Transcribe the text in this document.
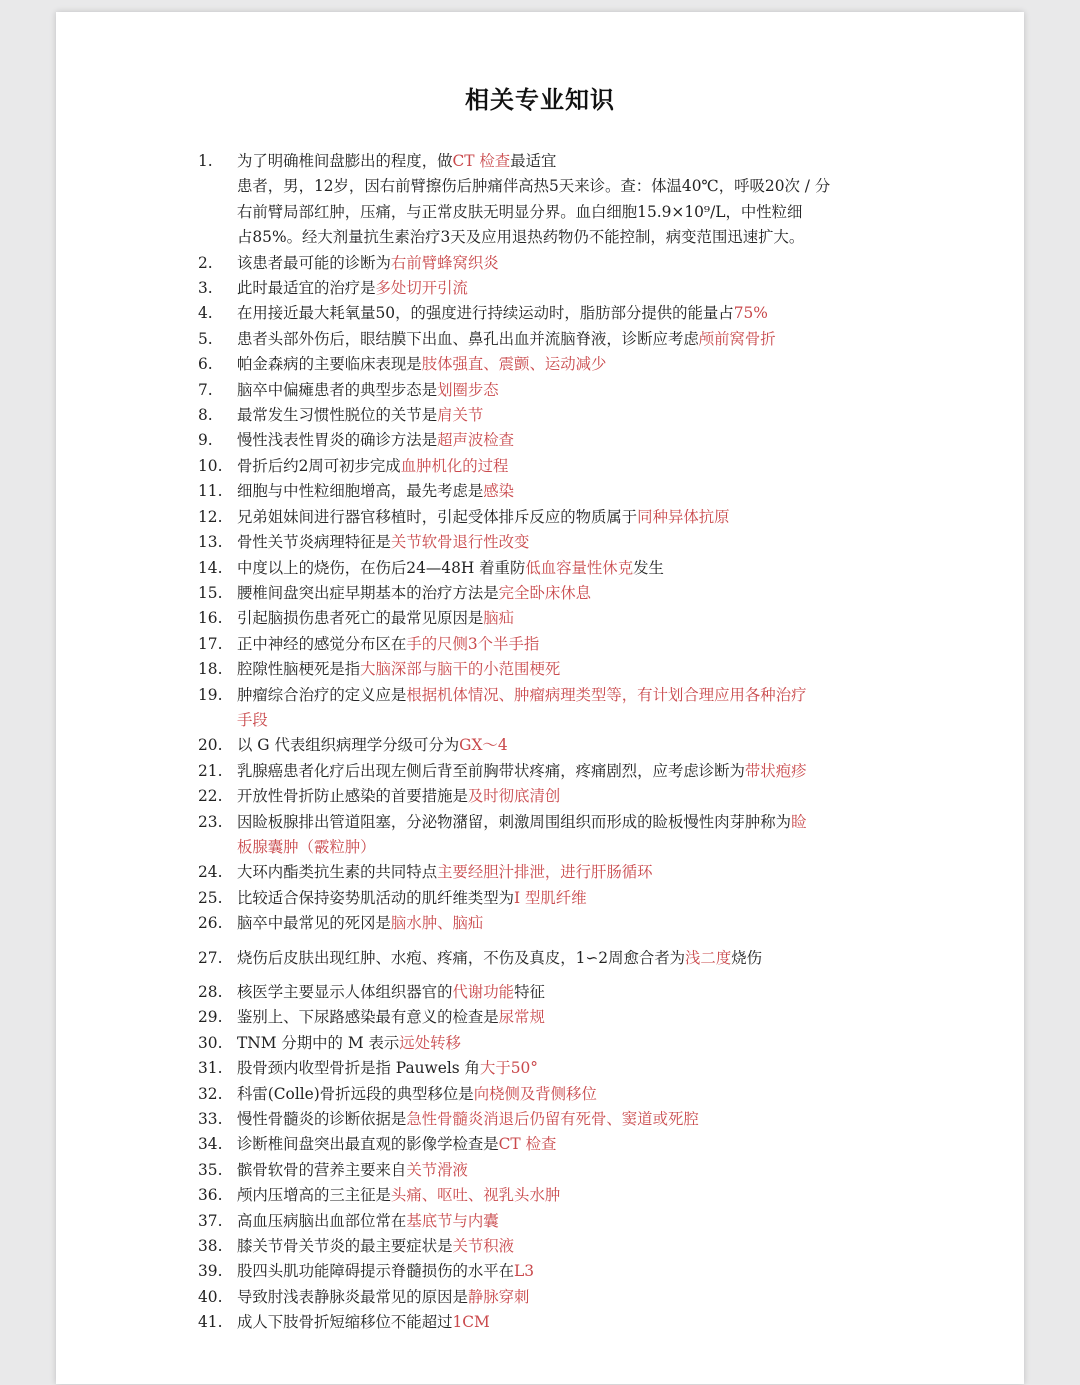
相关专业知识
1. 为了明确椎间盘膨出的程度，做CT 检查最适宜
患者，男，12岁，因右前臂擦伤后肿痛伴高热5天来诊。查：体温40℃，呼吸20次 / 分
右前臂局部红肿，压痛，与正常皮肤无明显分界。血白细胞15.9×10⁹/L，中性粒细
占85%。经大剂量抗生素治疗3天及应用退热药物仍不能控制，病变范围迅速扩大。
2. 该患者最可能的诊断为右前臂蜂窝织炎
3. 此时最适宜的治疗是多处切开引流
4. 在用接近最大耗氧量50，的强度进行持续运动时，脂肪部分提供的能量占75%
5. 患者头部外伤后，眼结膜下出血、鼻孔出血并流脑脊液，诊断应考虑颅前窝骨折
6. 帕金森病的主要临床表现是肢体强直、震颤、运动减少
7. 脑卒中偏瘫患者的典型步态是划圈步态
8. 最常发生习惯性脱位的关节是肩关节
9. 慢性浅表性胃炎的确诊方法是超声波检查
10. 骨折后约2周可初步完成血肿机化的过程
11. 细胞与中性粒细胞增高，最先考虑是感染
12. 兄弟姐妹间进行器官移植时，引起受体排斥反应的物质属于同种异体抗原
13. 骨性关节炎病理特征是关节软骨退行性改变
14. 中度以上的烧伤，在伤后24—48H 着重防低血容量性休克发生
15. 腰椎间盘突出症早期基本的治疗方法是完全卧床休息
16. 引起脑损伤患者死亡的最常见原因是脑疝
17. 正中神经的感觉分布区在手的尺侧3个半手指
18. 腔隙性脑梗死是指大脑深部与脑干的小范围梗死
19. 肿瘤综合治疗的定义应是根据机体情况、肿瘤病理类型等，有计划合理应用各种治疗
手段
20. 以 G 代表组织病理学分级可分为GX～4
21. 乳腺癌患者化疗后出现左侧后背至前胸带状疼痛，疼痛剧烈，应考虑诊断为带状疱疹
22. 开放性骨折防止感染的首要措施是及时彻底清创
23. 因睑板腺排出管道阻塞，分泌物潴留，刺激周围组织而形成的睑板慢性肉芽肿称为睑
板腺囊肿（霰粒肿）
24. 大环内酯类抗生素的共同特点主要经胆汁排泄，进行肝肠循环
25. 比较适合保持姿势肌活动的肌纤维类型为Ⅰ 型肌纤维
26. 脑卒中最常见的死冈是脑水肿、脑疝
27. 烧伤后皮肤出现红肿、水疱、疼痛，不伤及真皮，1∽2周愈合者为浅二度烧伤
28. 核医学主要显示人体组织器官的代谢功能特征
29. 鉴别上、下尿路感染最有意义的检查是尿常规
30. TNM 分期中的 M 表示远处转移
31. 股骨颈内收型骨折是指 Pauwels 角大于50°
32. 科雷(Colle)骨折远段的典型移位是向桡侧及背侧移位
33. 慢性骨髓炎的诊断依据是急性骨髓炎消退后仍留有死骨、窦道或死腔
34. 诊断椎间盘突出最直观的影像学检查是CT 检查
35. 髌骨软骨的营养主要来自关节滑液
36. 颅内压增高的三主征是头痛、呕吐、视乳头水肿
37. 高血压病脑出血部位常在基底节与内囊
38. 膝关节骨关节炎的最主要症状是关节积液
39. 股四头肌功能障碍提示脊髓损伤的水平在L3
40. 导致肘浅表静脉炎最常见的原因是静脉穿刺
41. 成人下肢骨折短缩移位不能超过1CM
